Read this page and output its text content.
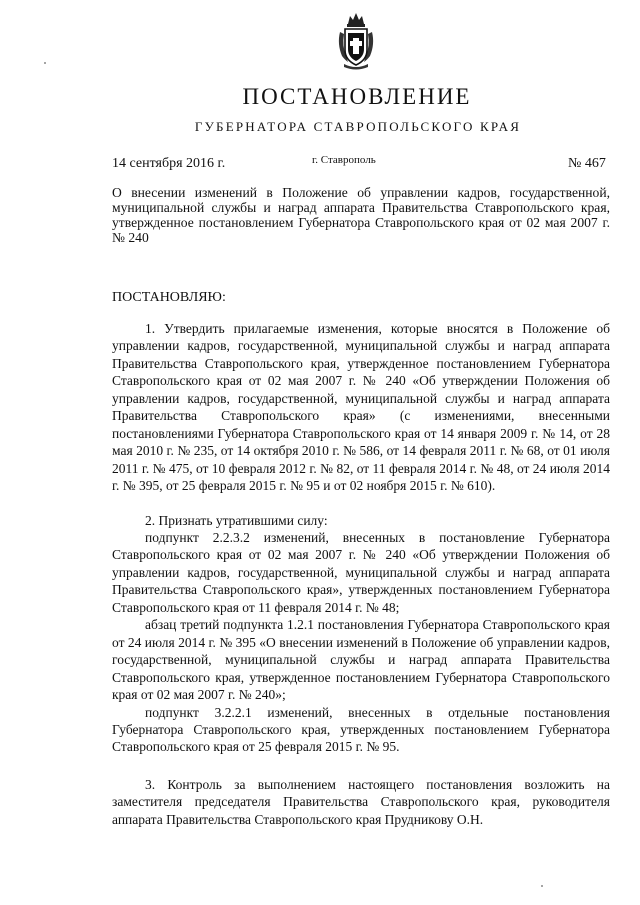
ПОСТАНОВЛЕНИЕ
ГУБЕРНАТОРА СТАВРОПОЛЬСКОГО КРАЯ
14 сентября 2016 г.	г. Ставрополь	№ 467
О внесении изменений в Положение об управлении кадров, государственной, муниципальной службы и наград аппарата Правительства Ставропольского края, утвержденное постановлением Губернатора Ставропольского края от 02 мая 2007 г. № 240
ПОСТАНОВЛЯЮ:

1. Утвердить прилагаемые изменения, которые вносятся в Положение об управлении кадров, государственной, муниципальной службы и наград аппарата Правительства Ставропольского края, утвержденное постановлением Губернатора Ставропольского края от 02 мая 2007 г. № 240 «Об утверждении Положения об управлении кадров, государственной, муниципальной службы и наград аппарата Правительства Ставропольского края» (с изменениями, внесенными постановлениями Губернатора Ставропольского края от 14 января 2009 г. № 14, от 28 мая 2010 г. № 235, от 14 октября 2010 г. № 586, от 14 февраля 2011 г. № 68, от 01 июля 2011 г. № 475, от 10 февраля 2012 г. № 82, от 11 февраля 2014 г. № 48, от 24 июля 2014 г. № 395, от 25 февраля 2015 г. № 95 и от 02 ноября 2015 г. № 610).

2. Признать утратившими силу:

подпункт 2.2.3.2 изменений, внесенных в постановление Губернатора Ставропольского края от 02 мая 2007 г. № 240 «Об утверждении Положения об управлении кадров, государственной, муниципальной службы и наград аппарата Правительства Ставропольского края», утвержденных постановлением Губернатора Ставропольского края от 11 февраля 2014 г. № 48;

абзац третий подпункта 1.2.1 постановления Губернатора Ставропольского края от 24 июля 2014 г. № 395 «О внесении изменений в Положение об управлении кадров, государственной, муниципальной службы и наград аппарата Правительства Ставропольского края, утвержденное постановлением Губернатора Ставропольского края от 02 мая 2007 г. № 240»;

подпункт 3.2.2.1 изменений, внесенных в отдельные постановления Губернатора Ставропольского края, утвержденных постановлением Губернатора Ставропольского края от 25 февраля 2015 г. № 95.

3. Контроль за выполнением настоящего постановления возложить на заместителя председателя Правительства Ставропольского края, руководителя аппарата Правительства Ставропольского края Прудникову О.Н.
